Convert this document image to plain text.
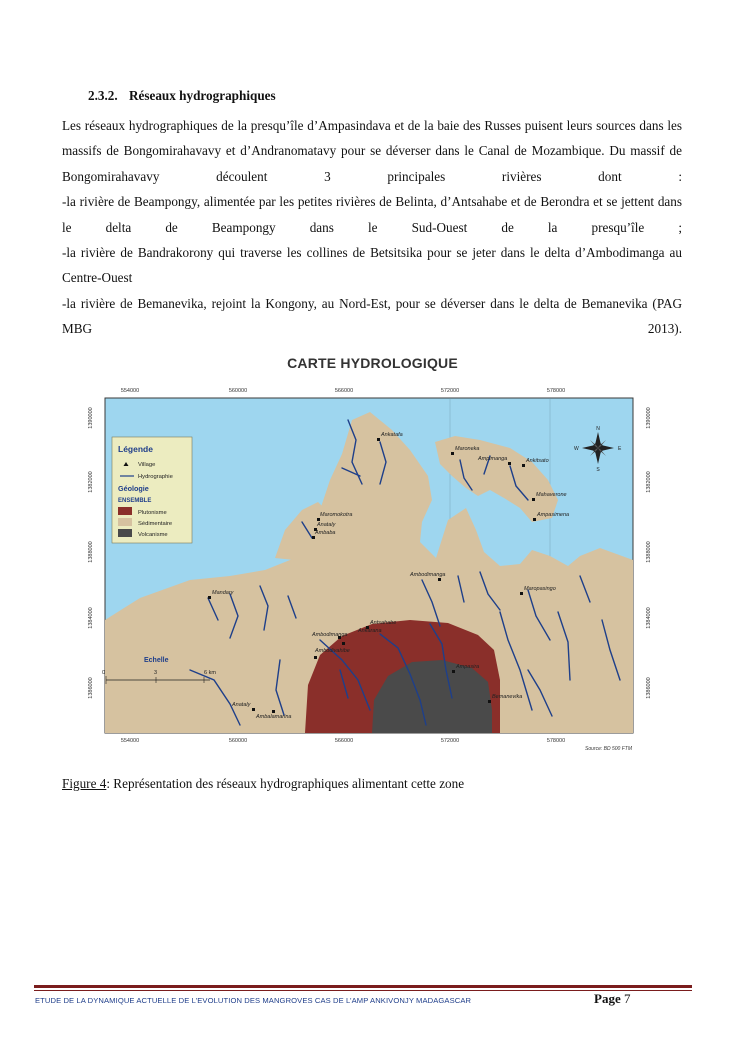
2.3.2. Réseaux hydrographiques

Les réseaux hydrographiques de la presqu’île d’Ampasindava et de la baie des Russes puisent leurs sources dans les massifs de Bongomirahavavy et d’Andranomatavy pour se déverser dans le Canal de Mozambique. Du massif de Bongomirahavavy découlent 3 principales rivières dont :

-la rivière de Beampongy, alimentée par les petites rivières de Belinta, d’Antsahabe et de Berondra et se jettent dans le delta de Beampongy dans le Sud-Ouest de la presqu’île ;

-la rivière de Bandrakorony qui traverse les collines de Betsitsika pour se jeter dans le delta d’Ambodimanga au Centre-Ouest

-la rivière de Bemanevika, rejoint la Kongony, au Nord-Est, pour se déverser dans le delta de Bemanevika (PAG MBG 2013).

CARTE HYDROLOGIQUE
Ankatafa
Maroneka
Ampimanga	Ankitsato
Mahaverone
Ampasimena
Maromokotra
Anataly
Ambaba
Mandary
Ambodimanga
Maropasingo
Ambodimanga
Antsahabe
Ambodivahibe
Ankarana
Ampasira
Bemanevika
Anataly
Ambalamarina
554000	560000	566000	572000	578000
554000	560000	566000	572000	578000
1390000
1382000
1388000
1384000
1386000
1390000
1382000
1388000
1384000
1386000
Légende
Village
Hydrographie
Géologie
ENSEMBLE
Plutonisme
Sédimentaire
Volcanisme
Echelle
0	3	6 km
N
S
E
W
Source: BD 500 FTM
Figure 4: Représentation des réseaux hydrographiques alimentant cette zone
ETUDE DE LA DYNAMIQUE ACTUELLE DE L’EVOLUTION DES MANGROVES CAS DE L’AMP ANKIVONJY MADAGASCAR	Page 7
